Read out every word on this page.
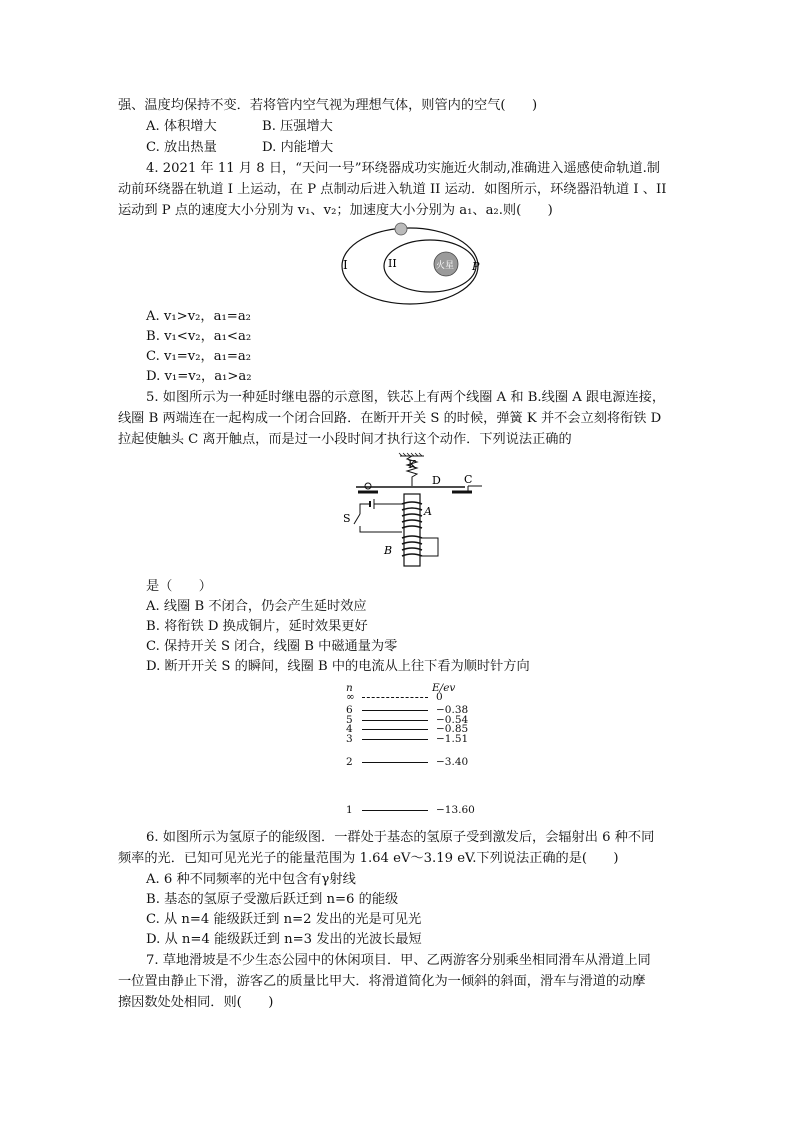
强、温度均保持不变．若将管内空气视为理想气体，则管内的空气(　　)
A. 体积增大	B. 压强增大
C. 放出热量	D. 内能增大
4. 2021 年 11 月 8 日，“天问一号”环绕器成功实施近火制动,准确进入遥感使命轨道.制
动前环绕器在轨道 I 上运动，在 P 点制动后进入轨道 II 运动．如图所示，环绕器沿轨道 I 、II
运动到 P 点的速度大小分别为 v₁、v₂；加速度大小分别为 a₁、a₂.则(　　)
I	II	火星 P
A. v₁>v₂，a₁=a₂
B. v₁<v₂，a₁<a₂
C. v₁=v₂，a₁=a₂
D. v₁=v₂，a₁>a₂
5. 如图所示为一种延时继电器的示意图，铁芯上有两个线圈 A 和 B.线圈 A 跟电源连接，
线圈 B 两端连在一起构成一个闭合回路．在断开开关 S 的时候，弹簧 K 并不会立刻将衔铁 D
拉起使触头 C 离开触点，而是过一小段时间才执行这个动作．下列说法正确的
K
D C
S
A
B
是（　　）
A. 线圈 B 不闭合，仍会产生延时效应
B. 将衔铁 D 换成铜片，延时效果更好
C. 保持开关 S 闭合，线圈 B 中磁通量为零
D. 断开开关 S 的瞬间，线圈 B 中的电流从上往下看为顺时针方向
n	E/ev
∞	0
6	−0.38
5	−0.54
4	−0.85
3	−1.51
2	−3.40
1	−13.60
6. 如图所示为氢原子的能级图．一群处于基态的氢原子受到激发后，会辐射出 6 种不同
频率的光．已知可见光光子的能量范围为 1.64 eV～3.19 eV.下列说法正确的是(　　)
A. 6 种不同频率的光中包含有γ射线
B. 基态的氢原子受激后跃迁到 n=6 的能级
C. 从 n=4 能级跃迁到 n=2 发出的光是可见光
D. 从 n=4 能级跃迁到 n=3 发出的光波长最短
7. 草地滑坡是不少生态公园中的休闲项目．甲、乙两游客分别乘坐相同滑车从滑道上同
一位置由静止下滑，游客乙的质量比甲大．将滑道简化为一倾斜的斜面，滑车与滑道的动摩
擦因数处处相同．则(　　)
